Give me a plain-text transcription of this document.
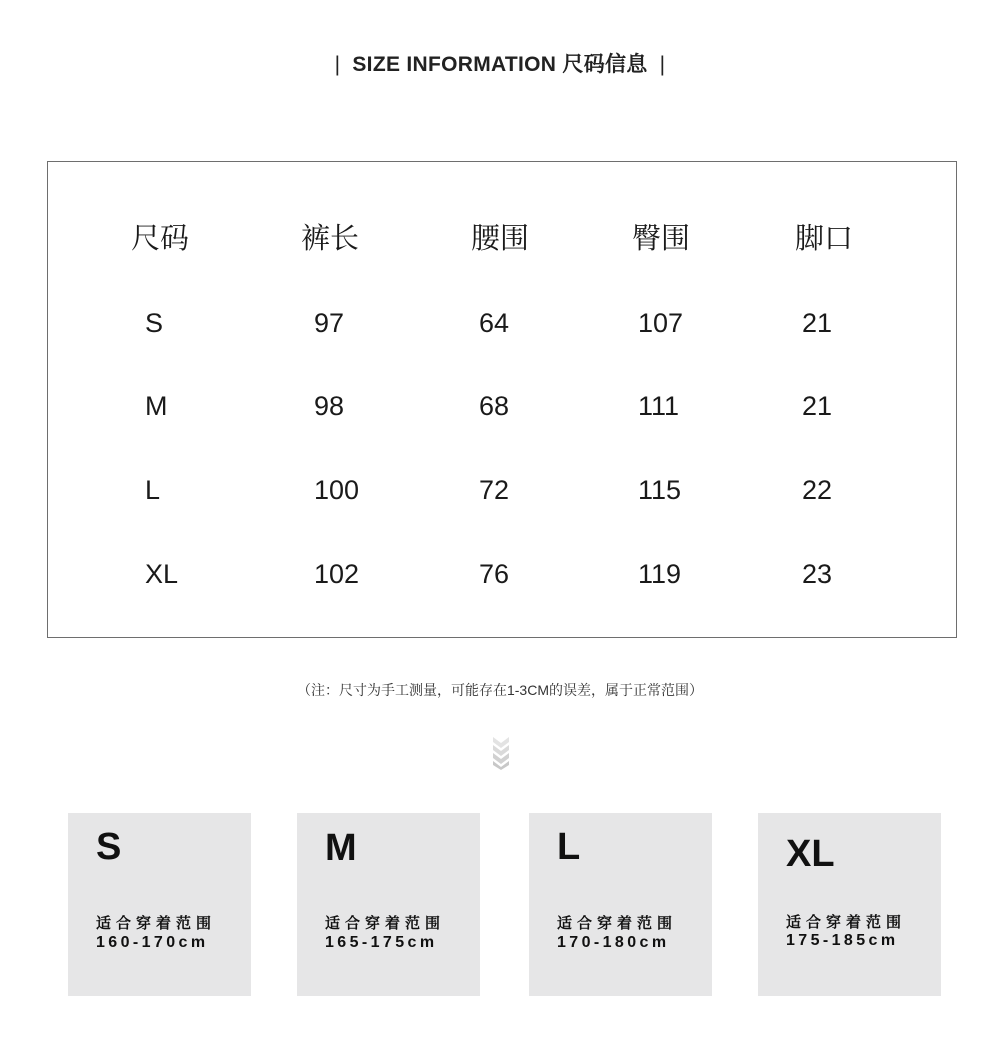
| SIZE INFORMATION 尺码信息 |
尺码	裤长	腰围	臀围	脚口
S	97	64	107	21
M	98	68	111	21
L	100	72	115	22
XL	102	76	119	23
（注：尺寸为手工测量，可能存在1-3CM的误差，属于正常范围）
S
适合穿着范围
160-170cm
M
适合穿着范围
165-175cm
L
适合穿着范围
170-180cm
XL
适合穿着范围
175-185cm
